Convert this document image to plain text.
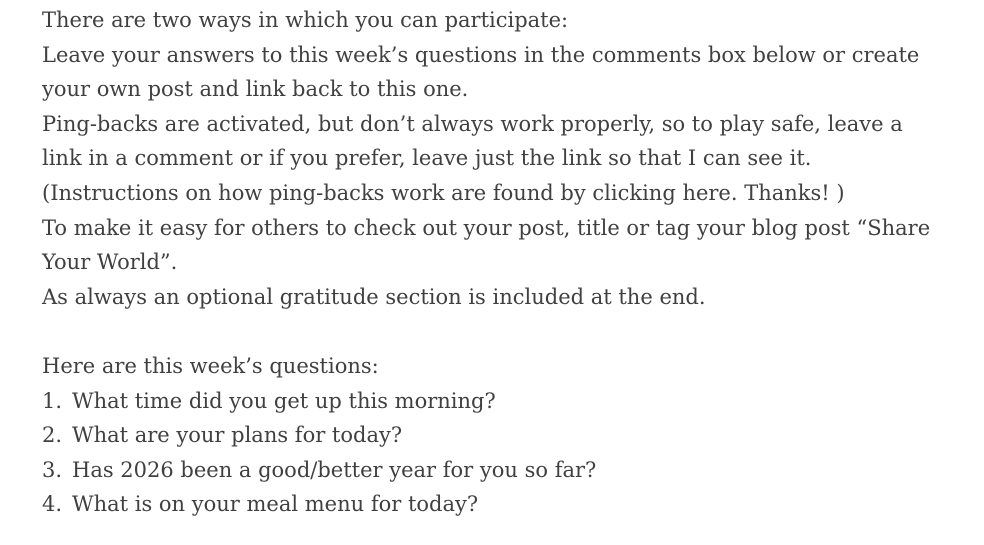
There are two ways in which you can participate:

Leave your answers to this week’s questions in the comments box below or create your own post and link back to this one.

Ping-backs are activated, but don’t always work properly, so to play safe, leave a link in a comment or if you prefer, leave just the link so that I can see it.

(Instructions on how ping-backs work are found by clicking here. Thanks! )

To make it easy for others to check out your post, title or tag your blog post “Share Your World”.

As always an optional gratitude section is included at the end.

Here are this week’s questions:

1. What time did you get up this morning?
2. What are your plans for today?
3. Has 2026 been a good/better year for you so far?
4. What is on your meal menu for today?
